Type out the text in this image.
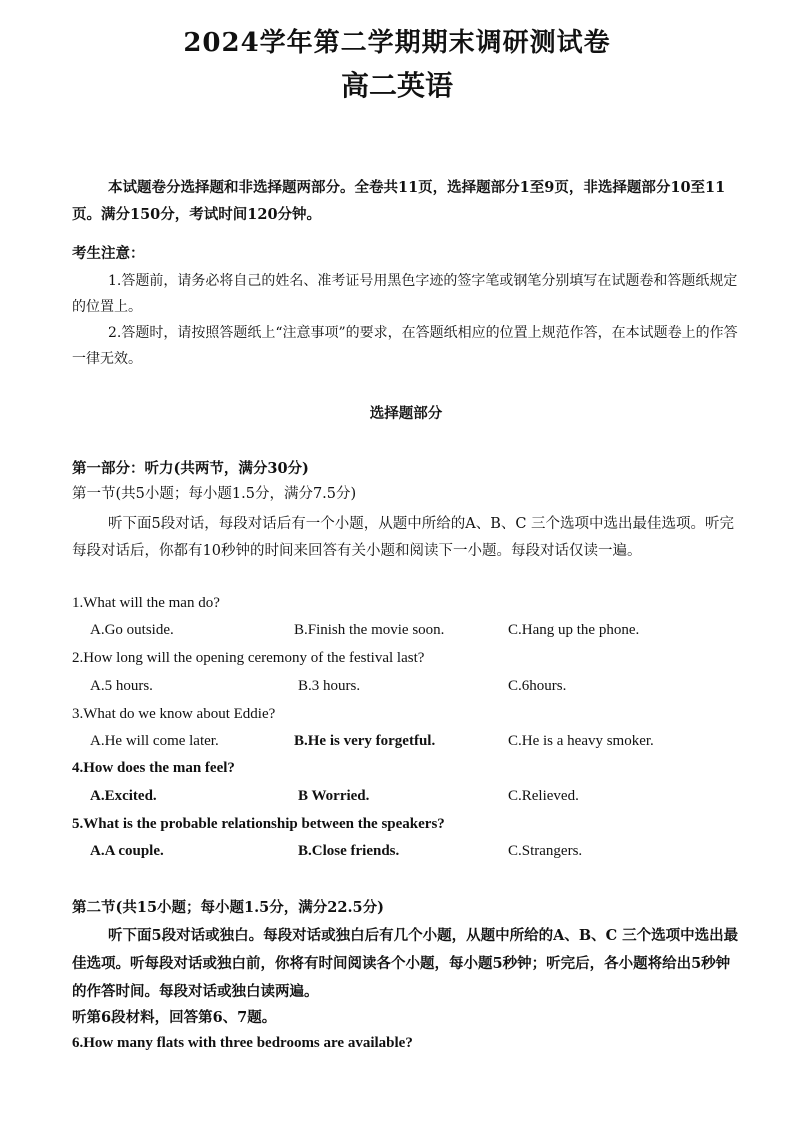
2024学年第二学期期末调研测试卷
高二英语
本试题卷分选择题和非选择题两部分。全卷共11页，选择题部分1至9页，非选择题部分10至11页。满分150分，考试时间120分钟。
考生注意：
1.答题前，请务必将自己的姓名、准考证号用黑色字迹的签字笔或钢笔分别填写在试题卷和答题纸规定的位置上。
2.答题时，请按照答题纸上“注意事项”的要求，在答题纸相应的位置上规范作答，在本试题卷上的作答一律无效。
选择题部分
第一部分：听力(共两节，满分30分)
第一节(共5小题；每小题1.5分，满分7.5分)
听下面5段对话，每段对话后有一个小题，从题中所给的A、B、C 三个选项中选出最佳选项。听完每段对话后，你都有10秒钟的时间来回答有关小题和阅读下一小题。每段对话仅读一遍。
1.What will the man do?
A.Go outside.	B.Finish the movie soon.	C.Hang up the phone.
2.How long will the opening ceremony of the festival last?
A.5 hours.	B.3 hours.	C.6hours.
3.What do we know about Eddie?
A.He will come later.	B.He is very forgetful.	C.He is a heavy smoker.
4.How does the man feel?
A.Excited.	B Worried.	C.Relieved.
5.What is the probable relationship between the speakers?
A.A couple.	B.Close friends.	C.Strangers.
第二节(共15小题；每小题1.5分，满分22.5分)
听下面5段对话或独白。每段对话或独白后有几个小题，从题中所给的A、B、C 三个选项中选出最佳选项。听每段对话或独白前，你将有时间阅读各个小题，每小题5秒钟；听完后，各小题将给出5秒钟的作答时间。每段对话或独白读两遍。
听第6段材料，回答第6、7题。
6.How many flats with three bedrooms are available?
